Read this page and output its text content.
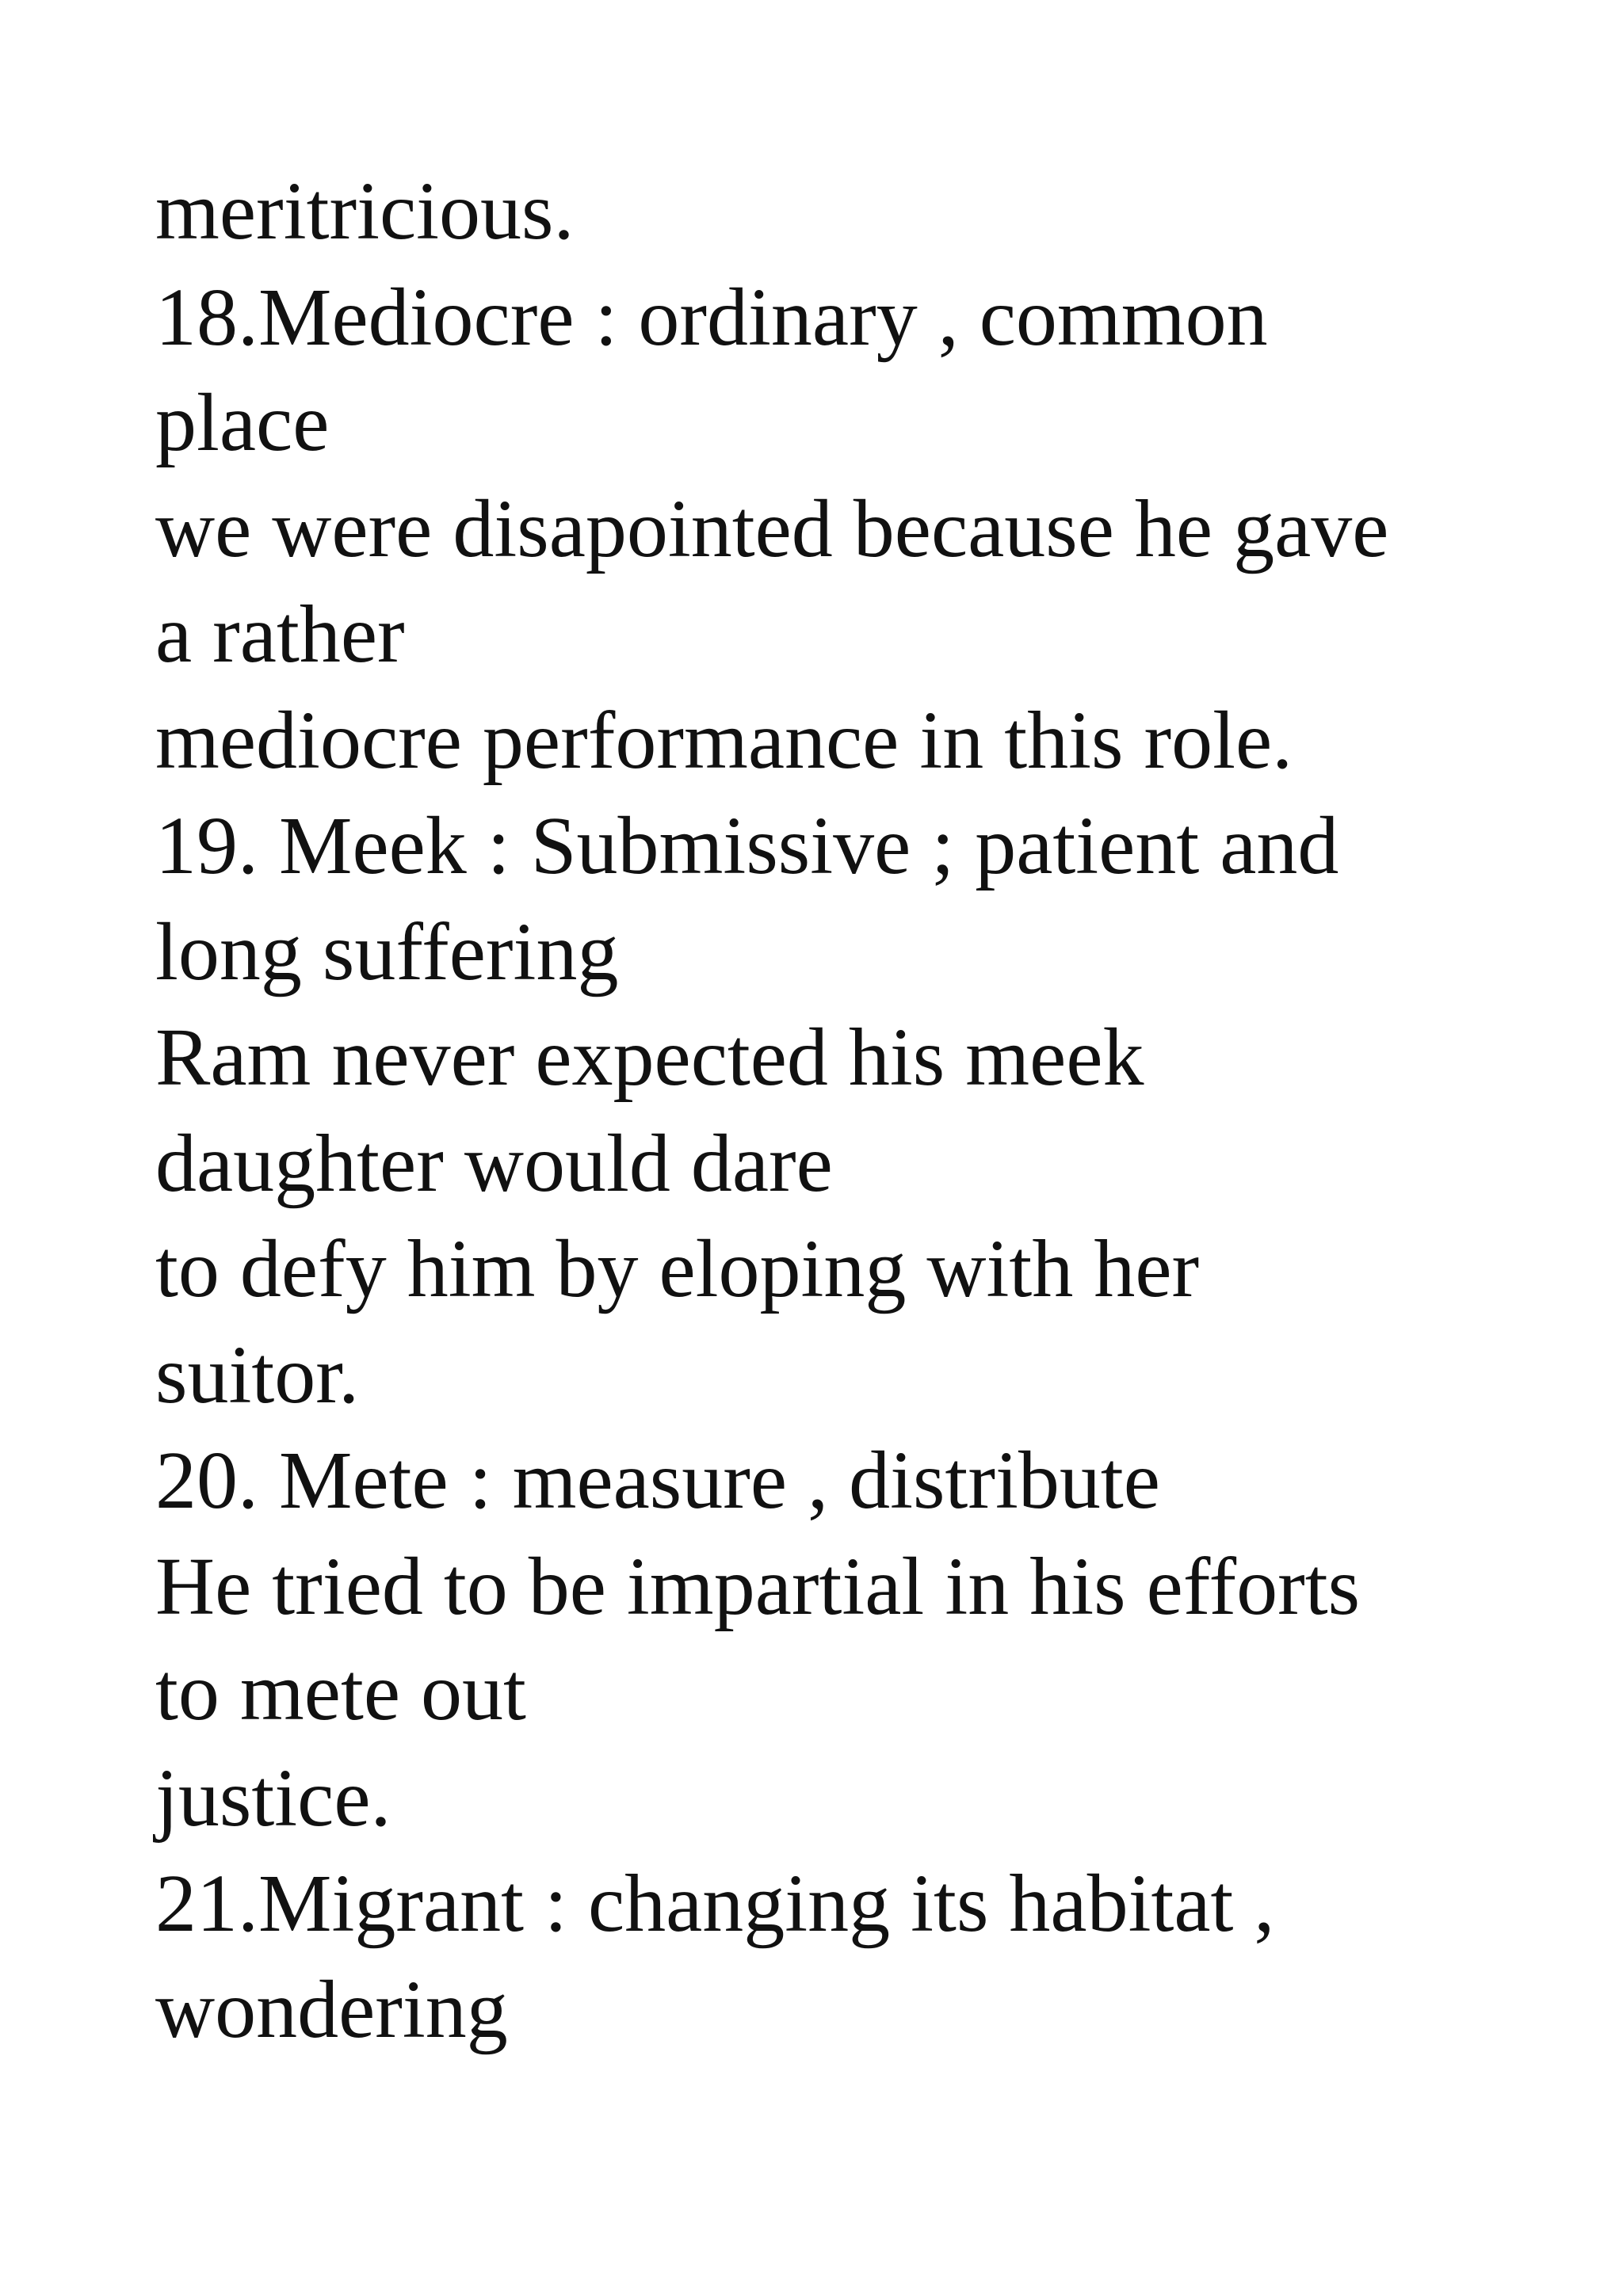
meritricious.
18.Mediocre : ordinary , common
place
we were disapointed because he gave
a rather
mediocre performance in this role.
19. Meek : Submissive ; patient and
long suffering
Ram never expected his meek
daughter would dare
to defy him by eloping with her
suitor.
20. Mete : measure , distribute
He tried to be impartial in his efforts
to mete out
justice.
21.Migrant : changing its habitat ,
wondering
